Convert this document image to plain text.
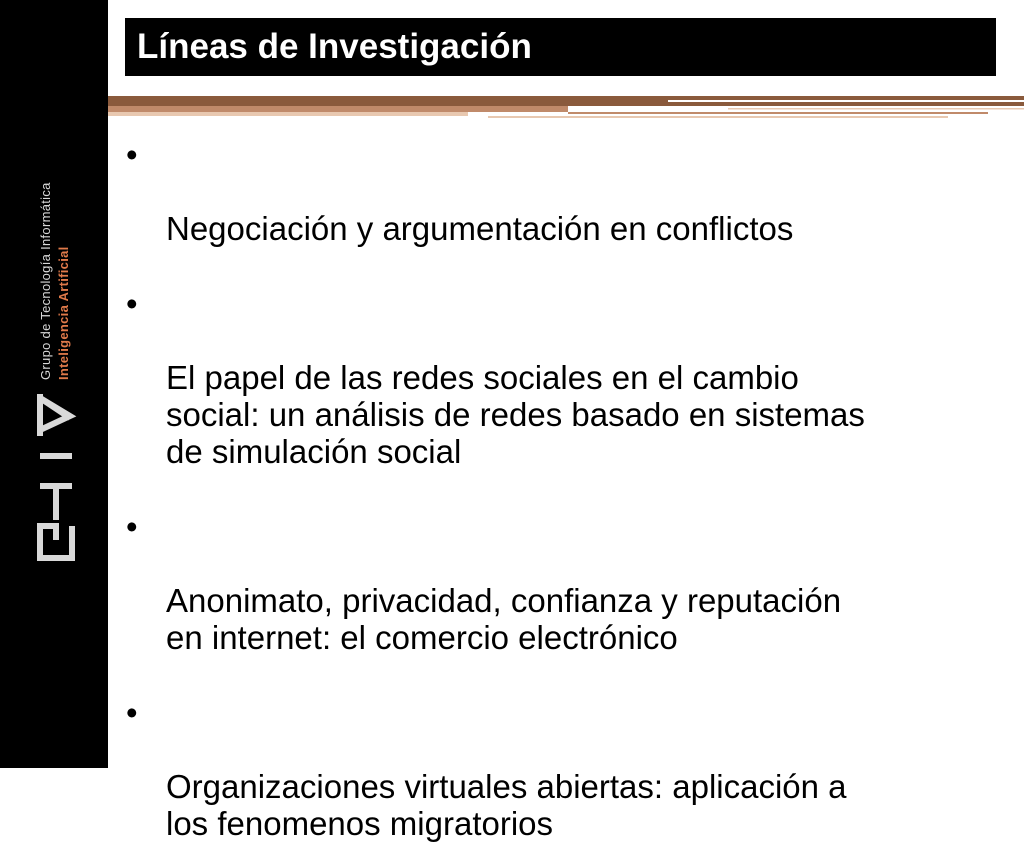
Grupo de Tecnología Informática Inteligencia Artificial
Líneas de Investigación

•

Negociación y argumentación en conflictos

•

El papel de las redes sociales en el cambio
social: un análisis de redes basado en sistemas
de simulación social

•

Anonimato, privacidad, confianza y reputación
en internet: el comercio electrónico

•

Organizaciones virtuales abiertas: aplicación a
los fenomenos migratorios
